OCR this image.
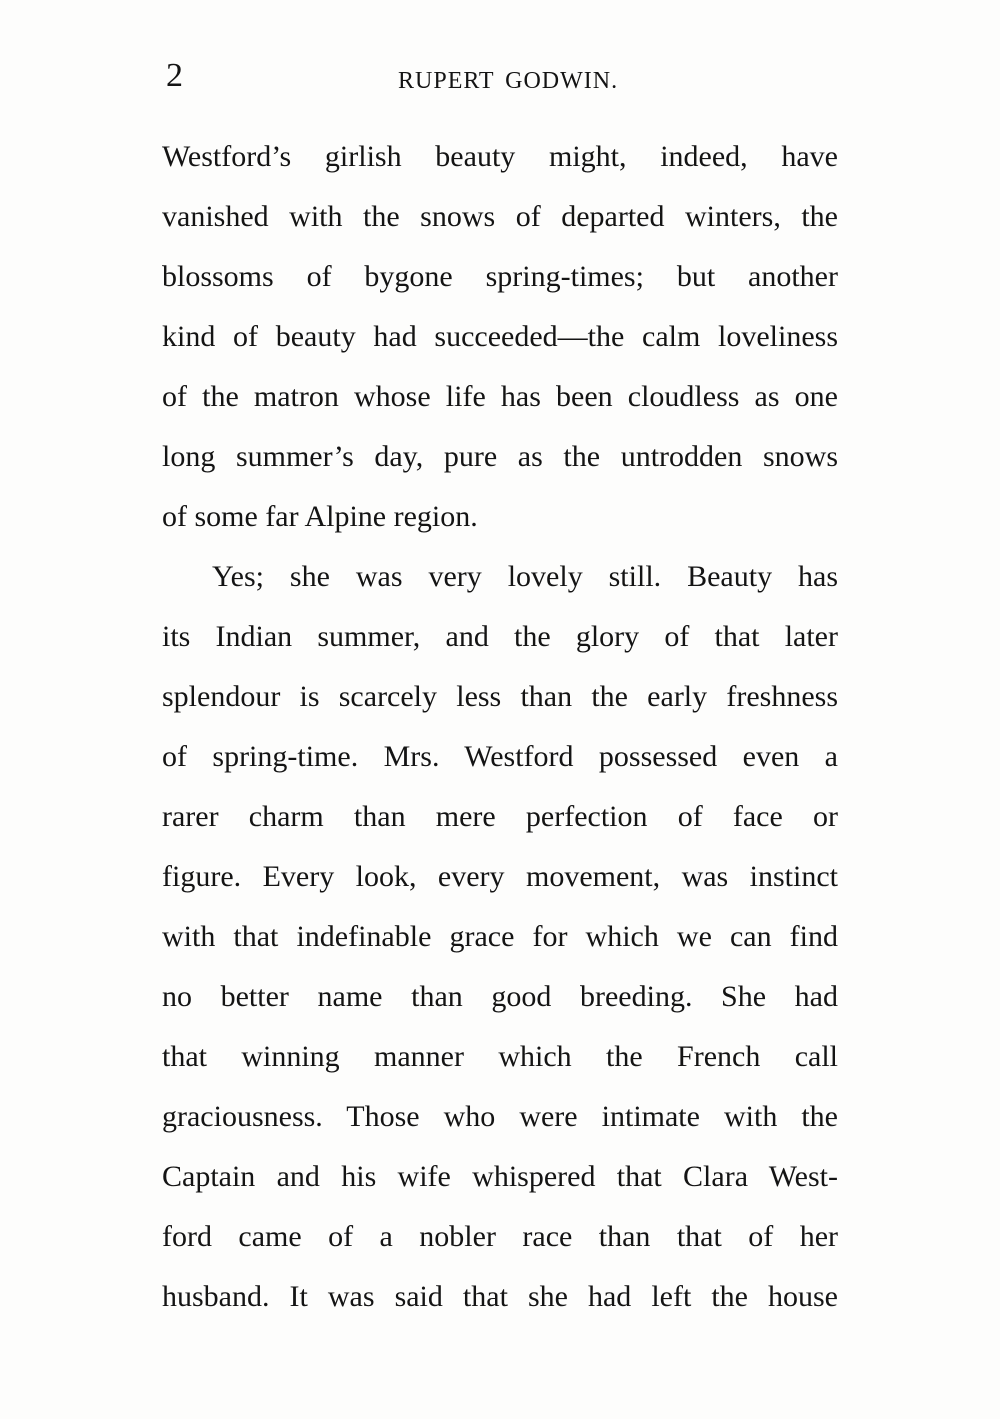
2	RUPERT GODWIN.
Westford’s girlish beauty might, indeed, have
vanished with the snows of departed winters, the
blossoms of bygone spring-times; but another
kind of beauty had succeeded—the calm loveliness
of the matron whose life has been cloudless as one
long summer’s day, pure as the untrodden snows
of some far Alpine region.
Yes; she was very lovely still. Beauty has
its Indian summer, and the glory of that later
splendour is scarcely less than the early freshness
of spring-time. Mrs. Westford possessed even a
rarer charm than mere perfection of face or
figure. Every look, every movement, was instinct
with that indefinable grace for which we can find
no better name than good breeding. She had
that winning manner which the French call
graciousness. Those who were intimate with the
Captain and his wife whispered that Clara West-
ford came of a nobler race than that of her
husband. It was said that she had left the house
